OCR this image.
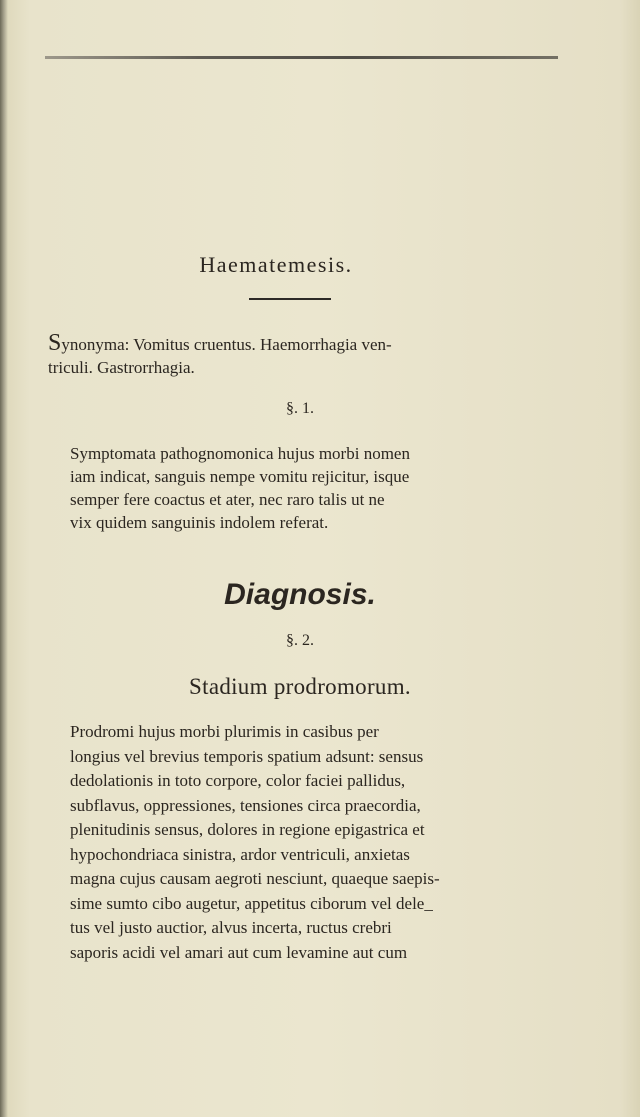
Haematemesis.
Synonyma: Vomitus cruentus. Haemorrhagia ven-
triculi. Gastrorrhagia.
§. 1.
Symptomata pathognomonica hujus morbi nomen
iam indicat, sanguis nempe vomitu rejicitur, isque
semper fere coactus et ater, nec raro talis ut ne
vix quidem sanguinis indolem referat.
Diagnosis.
§. 2.
Stadium prodromorum.
Prodromi hujus morbi plurimis in casibus per
longius vel brevius temporis spatium adsunt: sensus
dedolationis in toto corpore, color faciei pallidus,
subflavus, oppressiones, tensiones circa praecordia,
plenitudinis sensus, dolores in regione epigastrica et
hypochondriaca sinistra, ardor ventriculi, anxietas
magna cujus causam aegroti nesciunt, quaeque saepis-
sime sumto cibo augetur, appetitus ciborum vel dele_
tus vel justo auctior, alvus incerta, ructus crebri
saporis acidi vel amari aut cum levamine aut cum
